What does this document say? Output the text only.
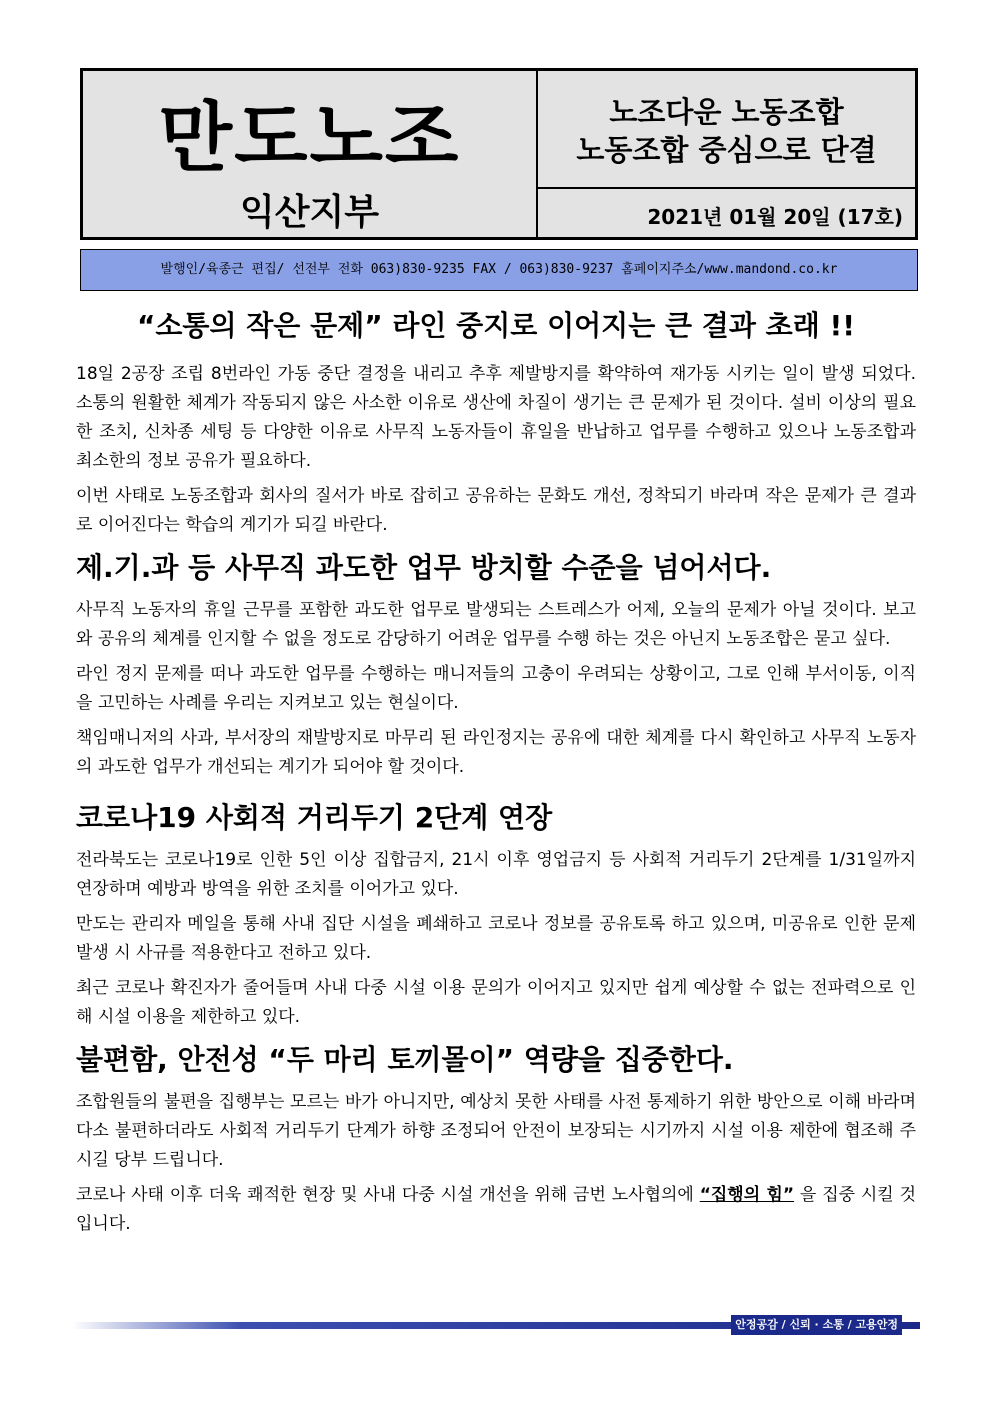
만도노조
익산지부
노조다운 노동조합
노동조합 중심으로 단결
2021년 01월 20일 (17호)
발행인/육종근 편집/ 선전부 전화 063)830-9235 FAX / 063)830-9237 홈페이지주소/www.mandond.co.kr
“소통의 작은 문제” 라인 중지로 이어지는 큰 결과 초래 !!

18일 2공장 조립 8번라인 가동 중단 결정을 내리고 추후 제발방지를 확약하여 재가동 시키는 일이 발생 되었다. 소통의 원활한 체계가 작동되지 않은 사소한 이유로 생산에 차질이 생기는 큰 문제가 된 것이다. 설비 이상의 필요한 조치, 신차종 세팅 등 다양한 이유로 사무직 노동자들이 휴일을 반납하고 업무를 수행하고 있으나 노동조합과 최소한의 정보 공유가 필요하다.

이번 사태로 노동조합과 회사의 질서가 바로 잡히고 공유하는 문화도 개선, 정착되기 바라며 작은 문제가 큰 결과로 이어진다는 학습의 계기가 되길 바란다.

제.기.과 등 사무직 과도한 업무 방치할 수준을 넘어서다.

사무직 노동자의 휴일 근무를 포함한 과도한 업무로 발생되는 스트레스가 어제, 오늘의 문제가 아닐 것이다. 보고와 공유의 체계를 인지할 수 없을 정도로 감당하기 어려운 업무를 수행 하는 것은 아닌지 노동조합은 묻고 싶다.

라인 정지 문제를 떠나 과도한 업무를 수행하는 매니저들의 고충이 우려되는 상황이고, 그로 인해 부서이동, 이직을 고민하는 사례를 우리는 지켜보고 있는 현실이다.

책임매니저의 사과, 부서장의 재발방지로 마무리 된 라인정지는 공유에 대한 체계를 다시 확인하고 사무직 노동자의 과도한 업무가 개선되는 계기가 되어야 할 것이다.

코로나19 사회적 거리두기 2단계 연장

전라북도는 코로나19로 인한 5인 이상 집합금지, 21시 이후 영업금지 등 사회적 거리두기 2단계를 1/31일까지 연장하며 예방과 방역을 위한 조치를 이어가고 있다.

만도는 관리자 메일을 통해 사내 집단 시설을 폐쇄하고 코로나 정보를 공유토록 하고 있으며, 미공유로 인한 문제 발생 시 사규를 적용한다고 전하고 있다.

최근 코로나 확진자가 줄어들며 사내 다중 시설 이용 문의가 이어지고 있지만 쉽게 예상할 수 없는 전파력으로 인해 시설 이용을 제한하고 있다.

불편함, 안전성 “두 마리 토끼몰이” 역량을 집중한다.

조합원들의 불편을 집행부는 모르는 바가 아니지만, 예상치 못한 사태를 사전 통제하기 위한 방안으로 이해 바라며 다소 불편하더라도 사회적 거리두기 단계가 하향 조정되어 안전이 보장되는 시기까지 시설 이용 제한에 협조해 주시길 당부 드립니다.

코로나 사태 이후 더욱 쾌적한 현장 및 사내 다중 시설 개선을 위해 금번 노사협의에 “집행의 힘” 을 집중 시킬 것입니다.

안정공감 / 신뢰 · 소통 / 고용안정
